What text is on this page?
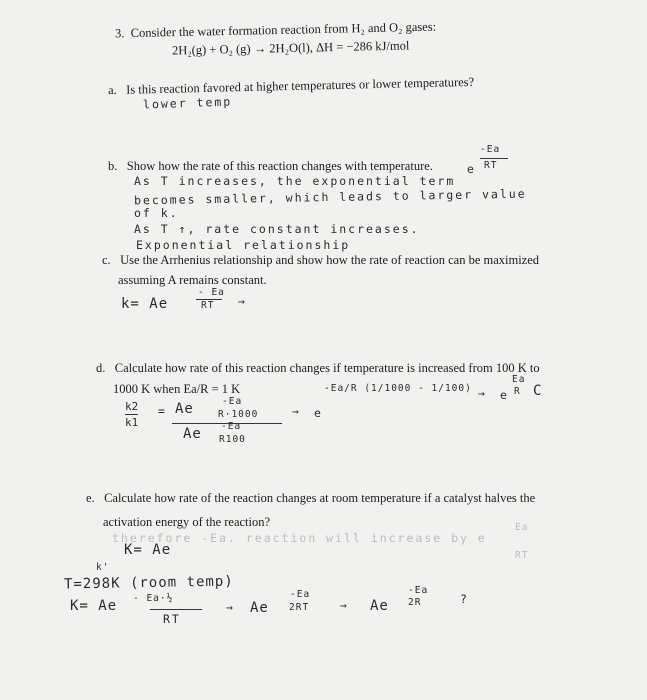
3. Consider the water formation reaction from H₂ and O₂ gases:
2H₂(g) + O₂ (g) → 2H₂O(l), ΔH = −286 kJ/mol
a. Is this reaction favored at higher temperatures or lower temperatures?
lower temp
b. Show how the rate of this reaction changes with temperature.
-Ea
e RT
As T increases, the exponential term
becomes smaller, which leads to larger value
of k.
As T ↑, rate constant increases.
Exponential relationship
c. Use the Arrhenius relationship and show how the rate of reaction can be maximized
assuming A remains constant.
k= Ae
- Ea
RT →
d. Calculate how rate of this reaction changes if temperature is increased from 100 K to
1000 K when Ea/R = 1 K
k2
k1
= Ae	-Ea
R·1000
Ae -Ea
R100
→ e
-Ea/R (1/1000 - 1/100) → e
Ea
R C
e. Calculate how rate of the reaction changes at room temperature if a catalyst halves the
activation energy of the reaction?
therefore -Ea. reaction will increase by e
Ea
RT
K= Ae
k'
T=298K (room temp)
K= Ae - Ea·½
RT
→ Ae
-Ea
2RT	→ Ae
-Ea
2R	?
